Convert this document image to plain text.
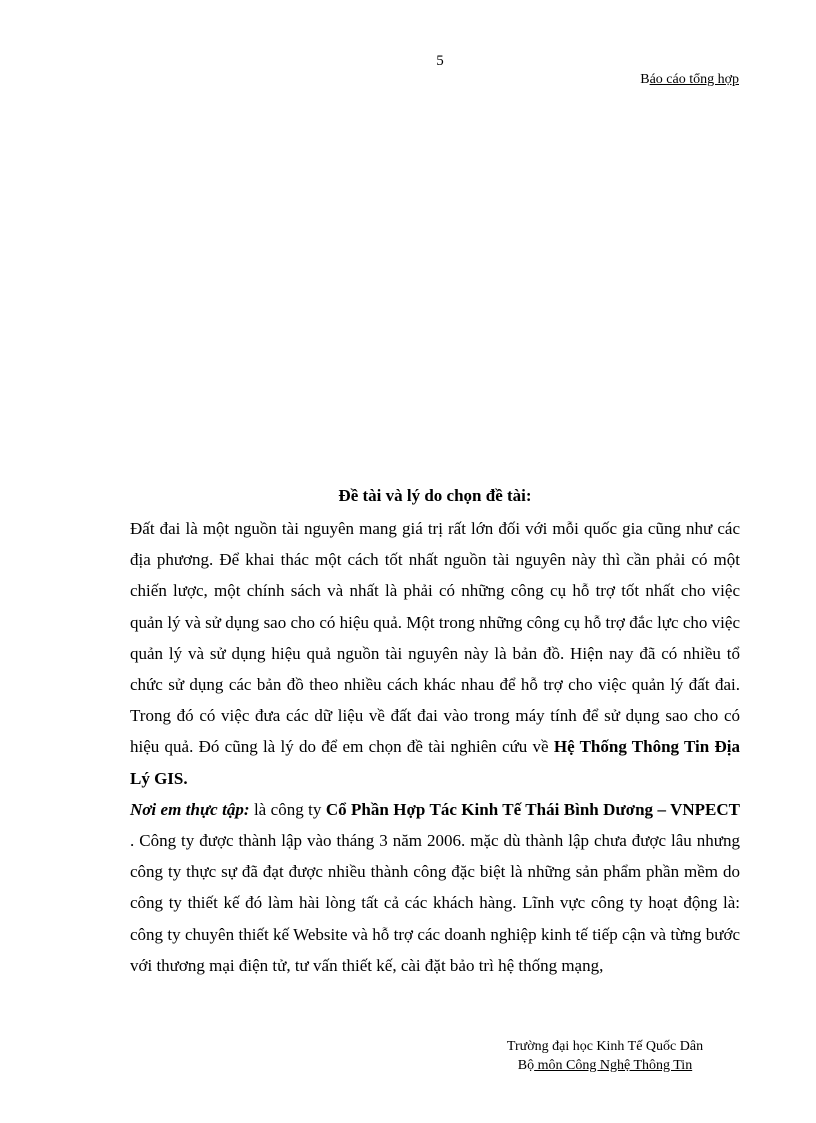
5
Báo cáo tổng hợp
Đề tài và lý do chọn đề tài:

Đất đai là một nguồn tài nguyên mang giá trị rất lớn đối với mỗi quốc gia cũng như các địa phương. Để khai thác một cách tốt nhất nguồn tài nguyên này thì cần phải có một chiến lược, một chính sách và nhất là phải có những công cụ hỗ trợ tốt nhất cho việc quản lý và sử dụng sao cho có hiệu quả. Một trong những công cụ hỗ trợ đắc lực cho việc quản lý và sử dụng hiệu quả nguồn tài nguyên này là bản đồ. Hiện nay đã có nhiều tổ chức sử dụng các bản đồ theo nhiều cách khác nhau để hỗ trợ cho việc quản lý đất đai. Trong đó có việc đưa các dữ liệu về đất đai vào trong máy tính để sử dụng sao cho có hiệu quả. Đó cũng là lý do để em chọn đề tài nghiên cứu về Hệ Thống Thông Tin Địa Lý GIS.

Nơi em thực tập: là công ty Cổ Phần Hợp Tác Kinh Tế Thái Bình Dương – VNPECT . Công ty được thành lập vào tháng 3 năm 2006. mặc dù thành lập chưa được lâu nhưng công ty thực sự đã đạt được nhiều thành công đặc biệt là những sản phẩm phần mềm do công ty thiết kế đó làm hài lòng tất cả các khách hàng. Lĩnh vực công ty hoạt động là: công ty chuyên thiết kế Website và hỗ trợ các doanh nghiệp kinh tế tiếp cận và từng bước với thương mại điện tử, tư vấn thiết kế, cài đặt bảo trì hệ thống mạng,

Trường đại học Kinh Tế Quốc Dân
Bộ môn Công Nghệ Thông Tin
